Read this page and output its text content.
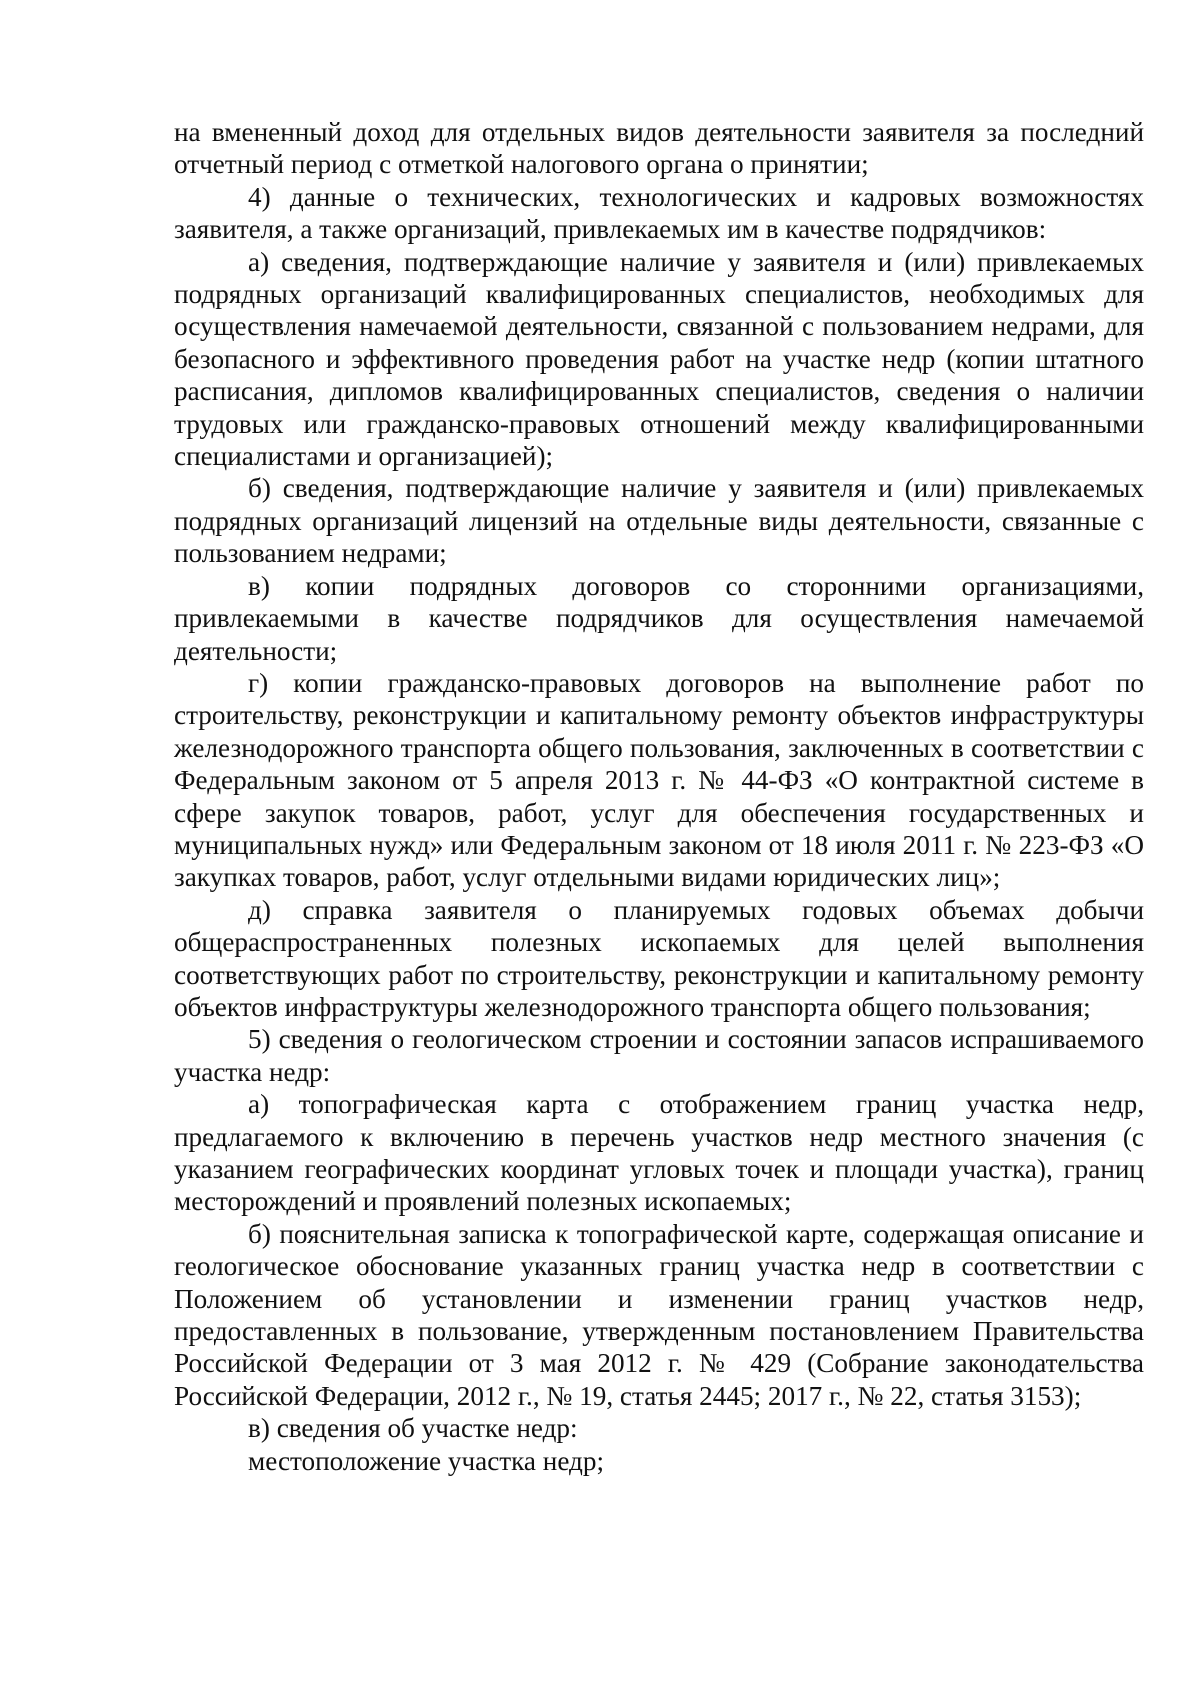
на вмененный доход для отдельных видов деятельности заявителя за последний отчетный период с отметкой налогового органа о принятии;

4) данные о технических, технологических и кадровых возможностях заявителя, а также организаций, привлекаемых им в качестве подрядчиков:

а) сведения, подтверждающие наличие у заявителя и (или) привлекаемых подрядных организаций квалифицированных специалистов, необходимых для осуществления намечаемой деятельности, связанной с пользованием недрами, для безопасного и эффективного проведения работ на участке недр (копии штатного расписания, дипломов квалифицированных специалистов, сведения о наличии трудовых или гражданско-правовых отношений между квалифицированными специалистами и организацией);

б) сведения, подтверждающие наличие у заявителя и (или) привлекаемых подрядных организаций лицензий на отдельные виды деятельности, связанные с пользованием недрами;

в) копии подрядных договоров со сторонними организациями, привлекаемыми в качестве подрядчиков для осуществления намечаемой деятельности;

г) копии гражданско-правовых договоров на выполнение работ по строительству, реконструкции и капитальному ремонту объектов инфраструктуры железнодорожного транспорта общего пользования, заключенных в соответствии с Федеральным законом от 5 апреля 2013 г. № 44-ФЗ «О контрактной системе в сфере закупок товаров, работ, услуг для обеспечения государственных и муниципальных нужд» или Федеральным законом от 18 июля 2011 г. № 223-ФЗ «О закупках товаров, работ, услуг отдельными видами юридических лиц»;

д) справка заявителя о планируемых годовых объемах добычи общераспространенных полезных ископаемых для целей выполнения соответствующих работ по строительству, реконструкции и капитальному ремонту объектов инфраструктуры железнодорожного транспорта общего пользования;

5) сведения о геологическом строении и состоянии запасов испрашиваемого участка недр:

а) топографическая карта с отображением границ участка недр, предлагаемого к включению в перечень участков недр местного значения (с указанием географических координат угловых точек и площади участка), границ месторождений и проявлений полезных ископаемых;

б) пояснительная записка к топографической карте, содержащая описание и геологическое обоснование указанных границ участка недр в соответствии с Положением об установлении и изменении границ участков недр, предоставленных в пользование, утвержденным постановлением Правительства Российской Федерации от 3 мая 2012 г. № 429 (Собрание законодательства Российской Федерации, 2012 г., № 19, статья 2445; 2017 г., № 22, статья 3153);

в) сведения об участке недр:

местоположение участка недр;
